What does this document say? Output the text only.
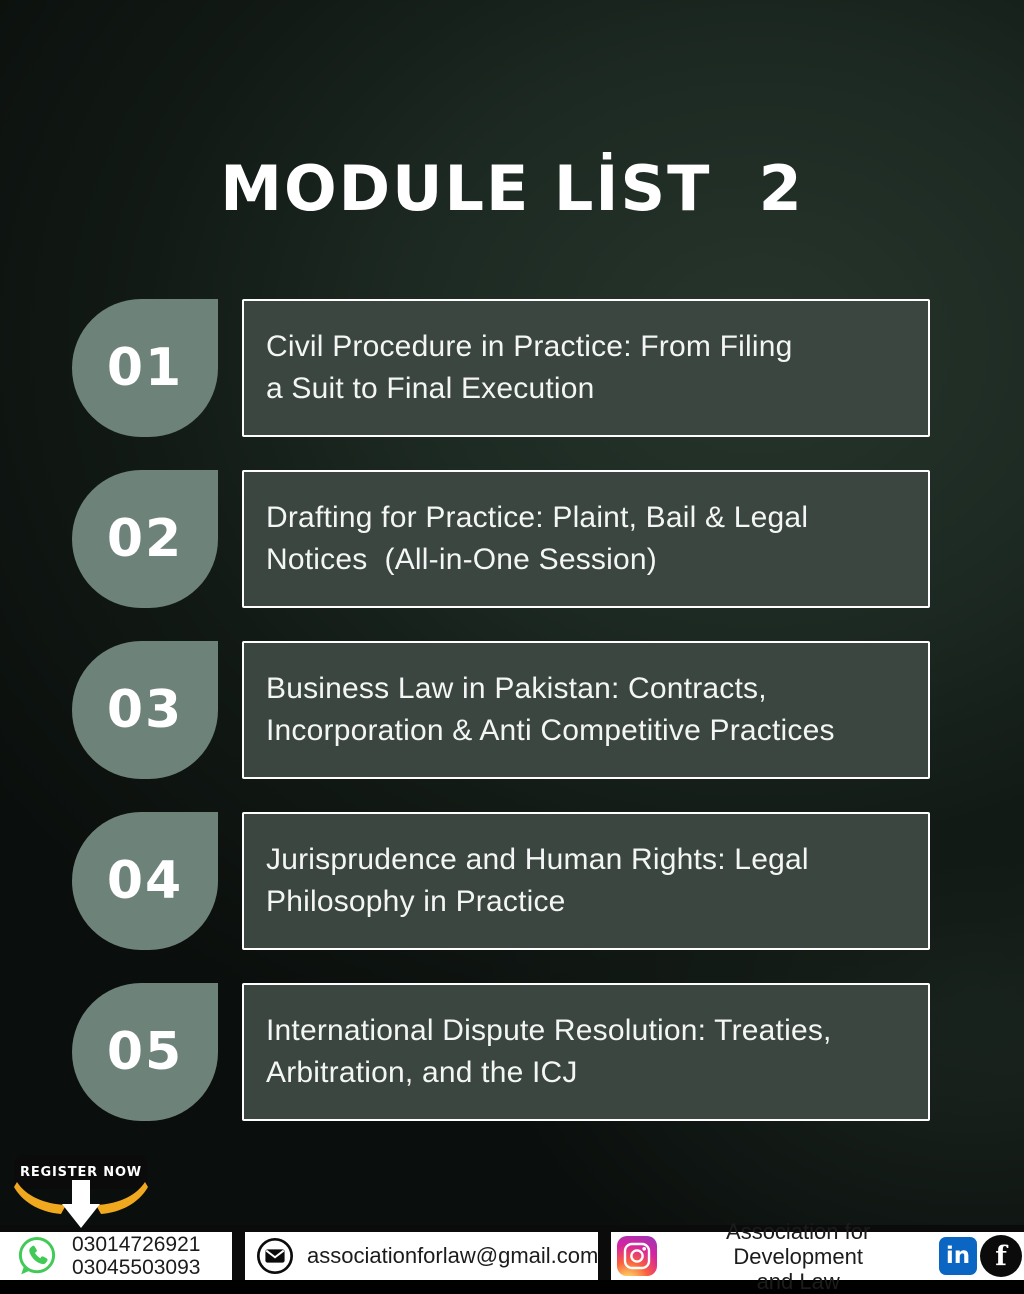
MODULE LİST  2
01	Civil Procedure in Practice: From Filing
a Suit to Final Execution
02	Drafting for Practice: Plaint, Bail & Legal
Notices  (All-in-One Session)
03	Business Law in Pakistan: Contracts,
Incorporation & Anti Competitive Practices
04	Jurisprudence and Human Rights: Legal
Philosophy in Practice
05	International Dispute Resolution: Treaties,
Arbitration, and the ICJ
REGISTER NOW
03014726921
03045503093	associationforlaw@gmail.com
Association for Development
and Law
in f
